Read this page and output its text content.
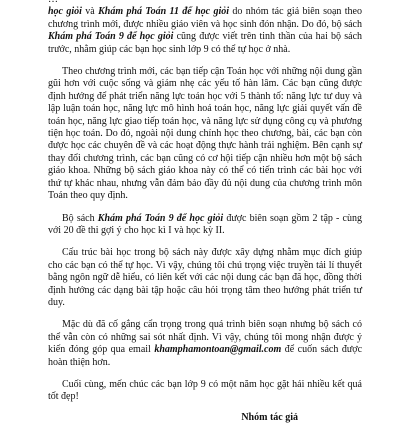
học giỏi và Khám phá Toán 11 để học giỏi do nhóm tác giả biên soạn theo chương trình mới, được nhiều giáo viên và học sinh đón nhận. Do đó, bộ sách Khám phá Toán 9 để học giỏi cũng được viết trên tinh thần của hai bộ sách trước, nhằm giúp các bạn học sinh lớp 9 có thể tự học ở nhà.

Theo chương trình mới, các bạn tiếp cận Toán học với những nội dung gần gũi hơn với cuộc sống và giảm nhẹ các yếu tố hàn lâm. Các bạn cũng được định hướng để phát triển năng lực toán học với 5 thành tố: năng lực tư duy và lập luận toán học, năng lực mô hình hoá toán học, năng lực giải quyết vấn đề toán học, năng lực giao tiếp toán học, và năng lực sử dụng công cụ và phương tiện học toán. Do đó, ngoài nội dung chính học theo chương, bài, các bạn còn được học các chuyên đề và các hoạt động thực hành trải nghiệm. Bên cạnh sự thay đổi chương trình, các bạn cũng có cơ hội tiếp cận nhiều hơn một bộ sách giáo khoa. Những bộ sách giáo khoa này có thể có tiến trình các bài học với thứ tự khác nhau, nhưng vẫn đảm bảo đầy đủ nội dung của chương trình môn Toán theo quy định.

Bộ sách Khám phá Toán 9 để học giỏi được biên soạn gồm 2 tập - cùng với 20 đề thi gợi ý cho học kì I và học kỳ II.

Cấu trúc bài học trong bộ sách này được xây dựng nhằm mục đích giúp cho các bạn có thể tự học. Vì vậy, chúng tôi chú trọng việc truyền tải lí thuyết bằng ngôn ngữ dễ hiểu, có liên kết với các nội dung các bạn đã học, đồng thời định hướng các dạng bài tập hoặc câu hỏi trọng tâm theo hướng phát triển tư duy.

Mặc dù đã cố gắng cẩn trọng trong quá trình biên soạn nhưng bộ sách có thể vẫn còn có những sai sót nhất định. Vì vậy, chúng tôi mong nhận được ý kiến đóng góp qua email khamphamontoan@gmail.com để cuốn sách được hoàn thiện hơn.

Cuối cùng, mến chúc các bạn lớp 9 có một năm học gặt hái nhiều kết quả tốt đẹp!

Nhóm tác giả
